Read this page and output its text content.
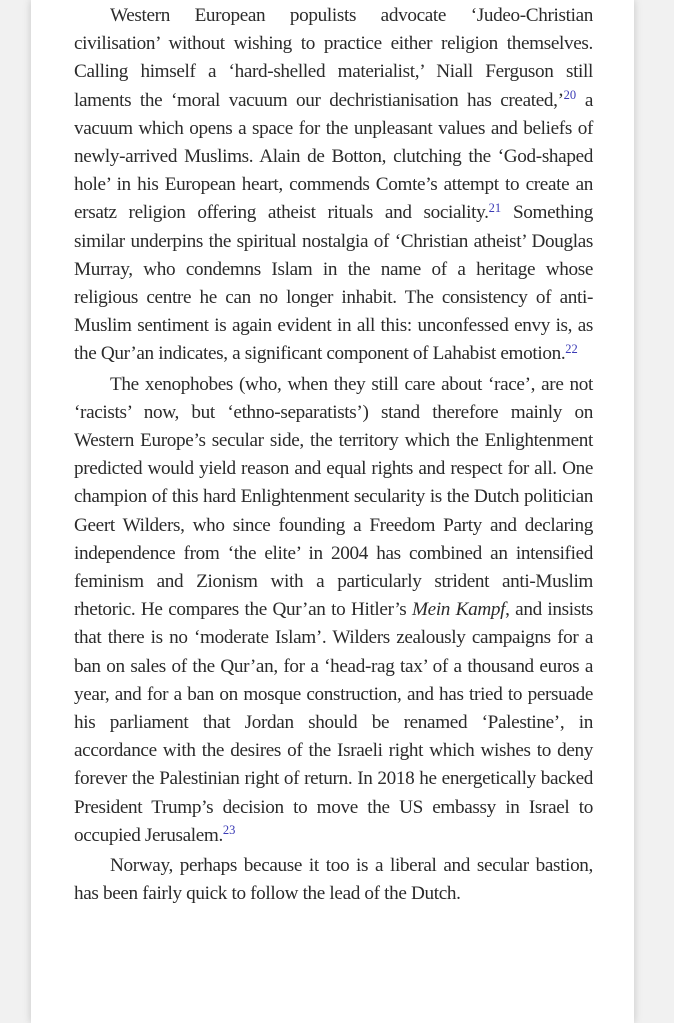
Western European populists advocate ‘Judeo-Christian civilisation’ without wishing to practice either religion themselves. Calling himself a ‘hard-shelled materialist,’ Niall Ferguson still laments the ‘moral vacuum our dechristianisation has created,’$^{20}$ a vacuum which opens a space for the unpleasant values and beliefs of newly-arrived Muslims. Alain de Botton, clutching the ‘God-shaped hole’ in his European heart, commends Comte’s attempt to create an ersatz religion offering atheist rituals and sociality.$^{21}$ Something similar underpins the spiritual nostalgia of ‘Christian atheist’ Douglas Murray, who condemns Islam in the name of a heritage whose religious centre he can no longer inhabit. The consistency of anti-Muslim sentiment is again evident in all this: unconfessed envy is, as the Qur’an indicates, a significant component of Lahabist emotion.$^{22}$

The xenophobes (who, when they still care about ‘race’, are not ‘racists’ now, but ‘ethno-separatists’) stand therefore mainly on Western Europe’s secular side, the territory which the Enlightenment predicted would yield reason and equal rights and respect for all. One champion of this hard Enlightenment secularity is the Dutch politician Geert Wilders, who since founding a Freedom Party and declaring independence from ‘the elite’ in 2004 has combined an intensified feminism and Zionism with a particularly strident anti-Muslim rhetoric. He compares the Qur’an to Hitler’s Mein Kampf, and insists that there is no ‘moderate Islam’. Wilders zealously campaigns for a ban on sales of the Qur’an, for a ‘head-rag tax’ of a thousand euros a year, and for a ban on mosque construction, and has tried to persuade his parliament that Jordan should be renamed ‘Palestine’, in accordance with the desires of the Israeli right which wishes to deny forever the Palestinian right of return. In 2018 he energetically backed President Trump’s decision to move the US embassy in Israel to occupied Jerusalem.$^{23}$

Norway, perhaps because it too is a liberal and secular bastion, has been fairly quick to follow the lead of the Dutch.
